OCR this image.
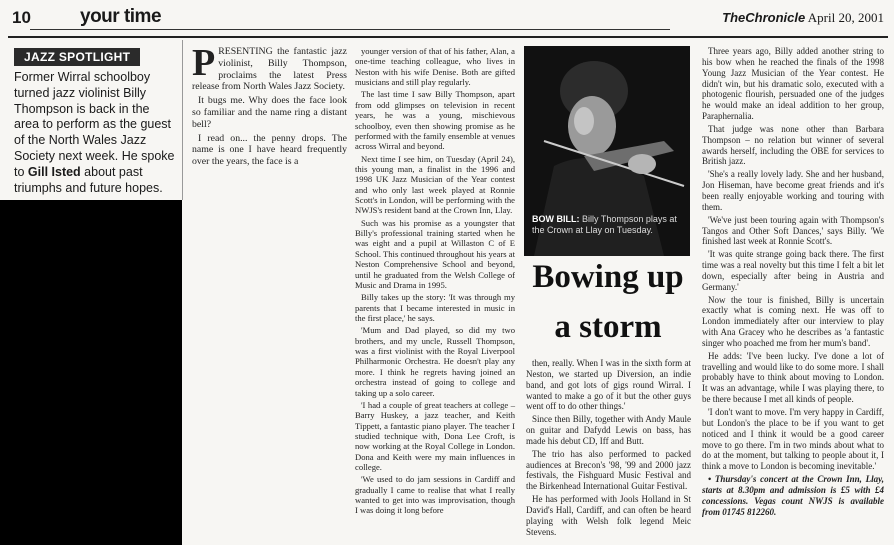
10	your time	TheChronicle April 20, 2001
JAZZ SPOTLIGHT
Former Wirral schoolboy turned jazz violinist Billy Thompson is back in the area to perform as the guest of the North Wales Jazz Society next week. He spoke to Gill Isted about past triumphs and future hopes.
P RESENTING the fantastic jazz violinist, Billy Thompson, proclaims the latest Press release from North Wales Jazz Society.

It bugs me. Why does the face look so familiar and the name ring a distant bell?

I read on... the penny drops. The name is one I have heard frequently over the years, the face is a

younger version of that of his father, Alan, a one-time teaching colleague, who lives in Neston with his wife Denise. Both are gifted musicians and still play regularly.

The last time I saw Billy Thompson, apart from odd glimpses on television in recent years, he was a young, mischievous schoolboy, even then showing promise as he performed with the family ensemble at venues across Wirral and beyond.

Next time I see him, on Tuesday (April 24), this young man, a finalist in the 1996 and 1998 UK Jazz Musician of the Year contest and who only last week played at Ronnie Scott's in London, will be performing with the NWJS's resident band at the Crown Inn, Llay.

Such was his promise as a youngster that Billy's professional training started when he was eight and a pupil at Willaston C of E School. This continued throughout his years at Neston Comprehensive School and beyond, until he graduated from the Welsh College of Music and Drama in 1995.

Billy takes up the story: 'It was through my parents that I became interested in music in the first place,' he says.

'Mum and Dad played, so did my two brothers, and my uncle, Russell Thompson, was a first violinist with the Royal Liverpool Philharmonic Orchestra. He doesn't play any more. I think he regrets having joined an orchestra instead of going to college and taking up a solo career.

'I had a couple of great teachers at college – Barry Huskey, a jazz teacher, and Keith Tippett, a fantastic piano player. The teacher I studied technique with, Dona Lee Croft, is now working at the Royal College in London. Dona and Keith were my main influences in college.

'We used to do jam sessions in Cardiff and gradually I came to realise that what I really wanted to get into was improvisation, though I was doing it long before

BOW BILL: Billy Thompson plays at the Crown at Llay on Tuesday.
Bowing up
a storm

then, really. When I was in the sixth form at Neston, we started up Diversion, an indie band, and got lots of gigs round Wirral. I wanted to make a go of it but the other guys went off to do other things.'

Since then Billy, together with Andy Maule on guitar and Dafydd Lewis on bass, has made his debut CD, Iff and Butt.

The trio has also performed to packed audiences at Brecon's '98, '99 and 2000 jazz festivals, the Fishguard Music Festival and the Birkenhead International Guitar Festival.

He has performed with Jools Holland in St David's Hall, Cardiff, and can often be heard playing with Welsh folk legend Meic Stevens.

Three years ago, Billy added another string to his bow when he reached the finals of the 1998 Young Jazz Musician of the Year contest. He didn't win, but his dramatic solo, executed with a photogenic flourish, persuaded one of the judges he would make an ideal addition to her group, Paraphernalia.

That judge was none other than Barbara Thompson – no relation but winner of several awards herself, including the OBE for services to British jazz.

'She's a really lovely lady. She and her husband, Jon Hiseman, have become great friends and it's been really enjoyable working and touring with them.

'We've just been touring again with Thompson's Tangos and Other Soft Dances,' says Billy. 'We finished last week at Ronnie Scott's.

'It was quite strange going back there. The first time was a real novelty but this time I felt a bit let down, especially after being in Austria and Germany.'

Now the tour is finished, Billy is uncertain exactly what is coming next. He was off to London immediately after our interview to play with Ana Gracey who he describes as 'a fantastic singer who poached me from her mum's band'.

He adds: 'I've been lucky. I've done a lot of travelling and would like to do some more. I shall probably have to think about moving to London. It was an advantage, while I was playing there, to be there because I met all kinds of people.

'I don't want to move. I'm very happy in Cardiff, but London's the place to be if you want to get noticed and I think it would be a good career move to go there. I'm in two minds about what to do at the moment, but talking to people about it, I think a move to London is becoming inevitable.'

• Thursday's concert at the Crown Inn, Llay, starts at 8.30pm and admission is £5 with £4 concessions. Vegas count NWJS is available from 01745 812260.
